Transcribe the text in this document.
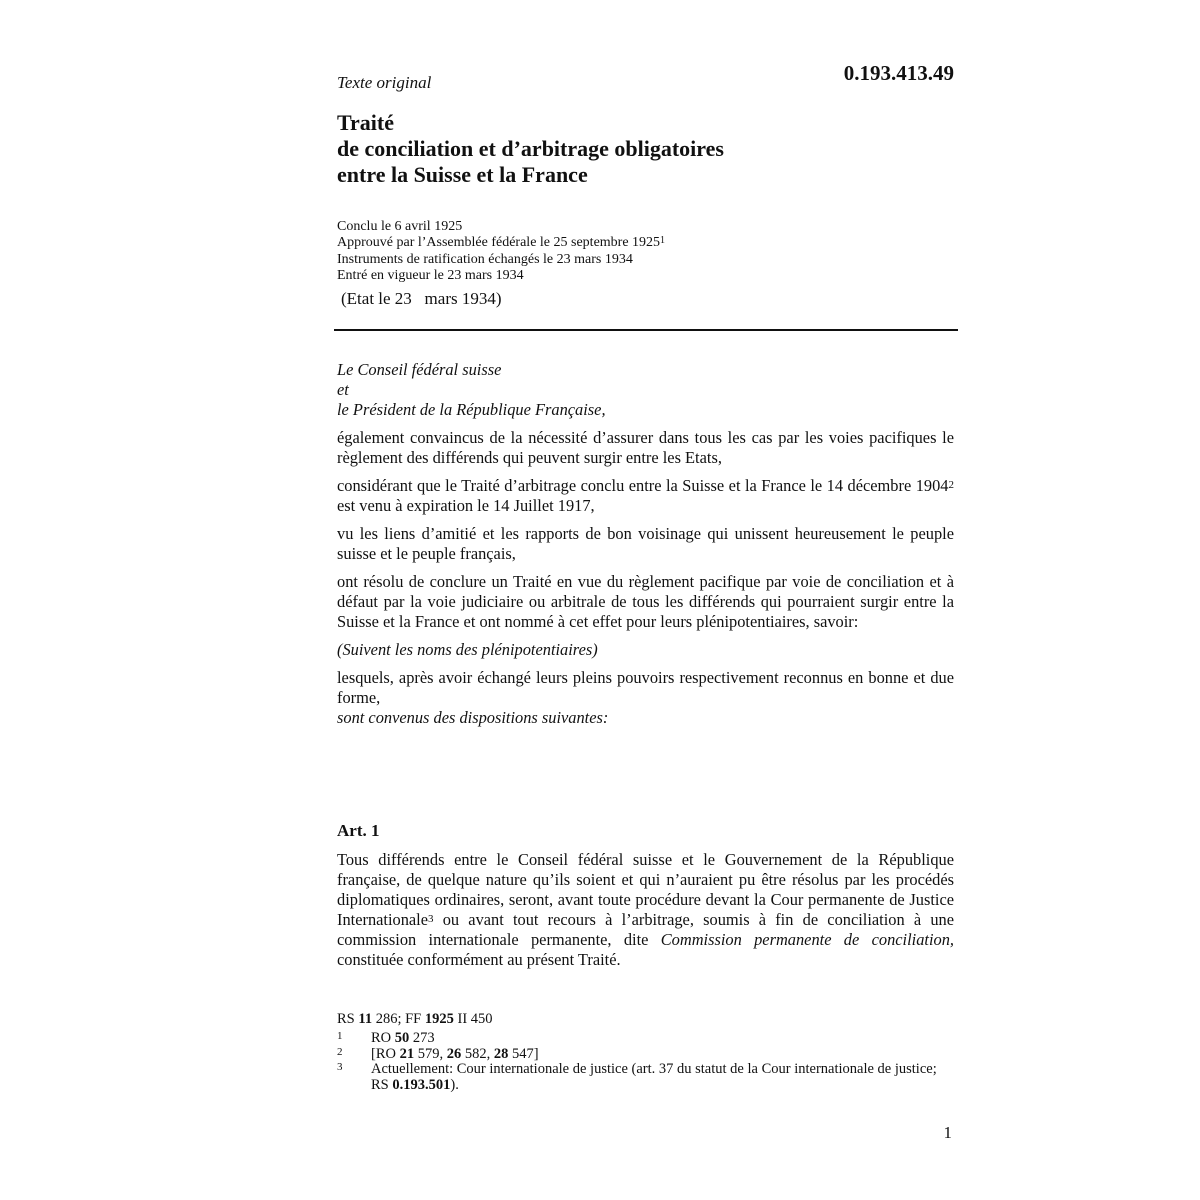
0.193.413.49
Texte original
Traité
de conciliation et d’arbitrage obligatoires
entre la Suisse et la France
Conclu le 6 avril 1925
Approuvé par l’Assemblée fédérale le 25 septembre 1925$^1$
Instruments de ratification échangés le 23 mars 1934
Entré en vigueur le 23 mars 1934
(Etat le 23   mars 1934)

Le Conseil fédéral suisse

et

le Président de la République Française,

également convaincus de la nécessité d’assurer dans tous les cas par les voies pacifiques le règlement des différends qui peuvent surgir entre les Etats,

considérant que le Traité d’arbitrage conclu entre la Suisse et la France le 14 décembre 1904$^2$ est venu à expiration le 14 Juillet 1917,

vu les liens d’amitié et les rapports de bon voisinage qui unissent heureusement le peuple suisse et le peuple français,

ont résolu de conclure un Traité en vue du règlement pacifique par voie de conciliation et à défaut par la voie judiciaire ou arbitrale de tous les différends qui pourraient surgir entre la Suisse et la France et ont nommé à cet effet pour leurs plénipotentiaires, savoir:

(Suivent les noms des plénipotentiaires)

lesquels, après avoir échangé leurs pleins pouvoirs respectivement reconnus en bonne et due forme,

sont convenus des dispositions suivantes:

Art. 1
Tous différends entre le Conseil fédéral suisse et le Gouvernement de la République française, de quelque nature qu’ils soient et qui n’auraient pu être résolus par les procédés diplomatiques ordinaires, seront, avant toute procédure devant la Cour permanente de Justice Internationale$^3$ ou avant tout recours à l’arbitrage, soumis à fin de conciliation à une commission internationale permanente, dite Commission permanente de conciliation, constituée conformément au présent Traité.
RS 11 286; FF 1925 II 450
1 RO 50 273
2 [RO 21 579, 26 582, 28 547]
3 Actuellement: Cour internationale de justice (art. 37 du statut de la Cour internationale de justice; RS 0.193.501).
1
